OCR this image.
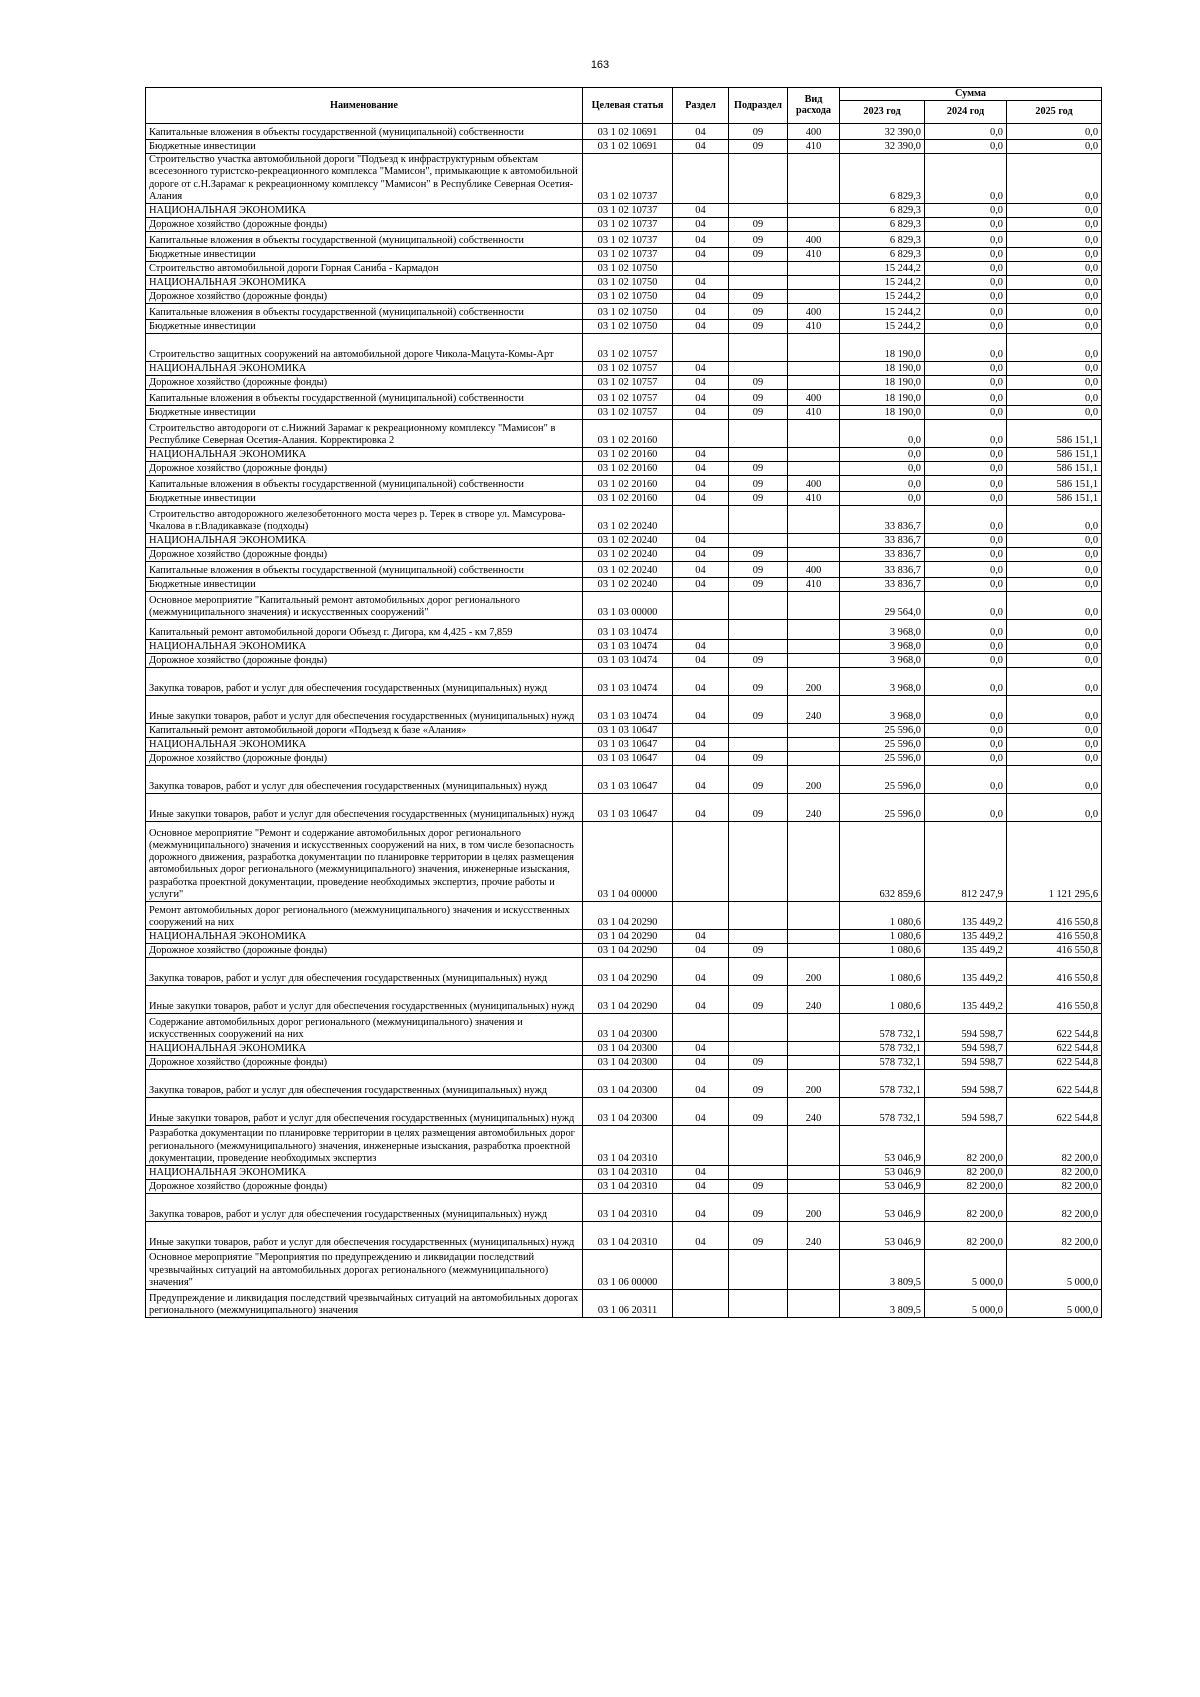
163
Наименование	Целевая статья	Раздел	Подраздел	Вид расхода	Сумма		
					2023 год	2024 год	2025 год
Капитальные вложения в объекты государственной (муниципальной) собственности	03 1 02 10691	04	09	400	32 390,0	0,0	0,0
Бюджетные инвестиции	03 1 02 10691	04	09	410	32 390,0	0,0	0,0
Строительство участка автомобильной дороги "Подъезд к инфраструктурным объектам всесезонного туристско-рекреационного комплекса "Мамисон", примыкающие к автомобильной дороге от с.Н.Зарамаг к рекреационному комплексу "Мамисон" в Республике Северная Осетия-Алания	03 1 02 10737				6 829,3	0,0	0,0
НАЦИОНАЛЬНАЯ ЭКОНОМИКА	03 1 02 10737	04			6 829,3	0,0	0,0
Дорожное хозяйство (дорожные фонды)	03 1 02 10737	04	09		6 829,3	0,0	0,0
Капитальные вложения в объекты государственной (муниципальной) собственности	03 1 02 10737	04	09	400	6 829,3	0,0	0,0
Бюджетные инвестиции	03 1 02 10737	04	09	410	6 829,3	0,0	0,0
Строительство автомобильной дороги Горная Саниба - Кармадон	03 1 02 10750				15 244,2	0,0	0,0
НАЦИОНАЛЬНАЯ ЭКОНОМИКА	03 1 02 10750	04			15 244,2	0,0	0,0
Дорожное хозяйство (дорожные фонды)	03 1 02 10750	04	09		15 244,2	0,0	0,0
Капитальные вложения в объекты государственной (муниципальной) собственности	03 1 02 10750	04	09	400	15 244,2	0,0	0,0
Бюджетные инвестиции	03 1 02 10750	04	09	410	15 244,2	0,0	0,0
Строительство защитных сооружений на автомобильной дороге Чикола-Мацута-Комы-Арт	03 1 02 10757				18 190,0	0,0	0,0
НАЦИОНАЛЬНАЯ ЭКОНОМИКА	03 1 02 10757	04			18 190,0	0,0	0,0
Дорожное хозяйство (дорожные фонды)	03 1 02 10757	04	09		18 190,0	0,0	0,0
Капитальные вложения в объекты государственной (муниципальной) собственности	03 1 02 10757	04	09	400	18 190,0	0,0	0,0
Бюджетные инвестиции	03 1 02 10757	04	09	410	18 190,0	0,0	0,0
Строительство автодороги от с.Нижний Зарамаг к рекреационному комплексу "Мамисон" в Республике Северная Осетия-Алания. Корректировка 2	03 1 02 20160				0,0	0,0	586 151,1
НАЦИОНАЛЬНАЯ ЭКОНОМИКА	03 1 02 20160	04			0,0	0,0	586 151,1
Дорожное хозяйство (дорожные фонды)	03 1 02 20160	04	09		0,0	0,0	586 151,1
Капитальные вложения в объекты государственной (муниципальной) собственности	03 1 02 20160	04	09	400	0,0	0,0	586 151,1
Бюджетные инвестиции	03 1 02 20160	04	09	410	0,0	0,0	586 151,1
Строительство автодорожного железобетонного моста через р. Терек в створе ул. Мамсурова-Чкалова в г.Владикавказе (подходы)	03 1 02 20240				33 836,7	0,0	0,0
НАЦИОНАЛЬНАЯ ЭКОНОМИКА	03 1 02 20240	04			33 836,7	0,0	0,0
Дорожное хозяйство (дорожные фонды)	03 1 02 20240	04	09		33 836,7	0,0	0,0
Капитальные вложения в объекты государственной (муниципальной) собственности	03 1 02 20240	04	09	400	33 836,7	0,0	0,0
Бюджетные инвестиции	03 1 02 20240	04	09	410	33 836,7	0,0	0,0
Основное мероприятие "Капитальный ремонт автомобильных дорог регионального (межмуниципального значения) и искусственных сооружений"	03 1 03 00000				29 564,0	0,0	0,0
Капитальный ремонт автомобильной дороги Объезд г. Дигора, км 4,425 - км 7,859	03 1 03 10474				3 968,0	0,0	0,0
НАЦИОНАЛЬНАЯ ЭКОНОМИКА	03 1 03 10474	04			3 968,0	0,0	0,0
Дорожное хозяйство (дорожные фонды)	03 1 03 10474	04	09		3 968,0	0,0	0,0
Закупка товаров, работ и услуг для обеспечения государственных (муниципальных) нужд	03 1 03 10474	04	09	200	3 968,0	0,0	0,0
Иные закупки товаров, работ и услуг для обеспечения государственных (муниципальных) нужд	03 1 03 10474	04	09	240	3 968,0	0,0	0,0
Капитальный ремонт автомобильной дороги «Подъезд к базе «Алания»	03 1 03 10647				25 596,0	0,0	0,0
НАЦИОНАЛЬНАЯ ЭКОНОМИКА	03 1 03 10647	04			25 596,0	0,0	0,0
Дорожное хозяйство (дорожные фонды)	03 1 03 10647	04	09		25 596,0	0,0	0,0
Закупка товаров, работ и услуг для обеспечения государственных (муниципальных) нужд	03 1 03 10647	04	09	200	25 596,0	0,0	0,0
Иные закупки товаров, работ и услуг для обеспечения государственных (муниципальных) нужд	03 1 03 10647	04	09	240	25 596,0	0,0	0,0
Основное мероприятие "Ремонт и содержание автомобильных дорог регионального (межмуниципального) значения и искусственных сооружений на них, в том числе безопасность дорожного движения, разработка документации по планировке территории в целях размещения автомобильных дорог регионального (межмуниципального) значения, инженерные изыскания, разработка проектной документации, проведение необходимых экспертиз, прочие работы и услуги"	03 1 04 00000				632 859,6	812 247,9	1 121 295,6
Ремонт автомобильных дорог регионального (межмуниципального) значения и искусственных сооружений на них	03 1 04 20290				1 080,6	135 449,2	416 550,8
НАЦИОНАЛЬНАЯ ЭКОНОМИКА	03 1 04 20290	04			1 080,6	135 449,2	416 550,8
Дорожное хозяйство (дорожные фонды)	03 1 04 20290	04	09		1 080,6	135 449,2	416 550,8
Закупка товаров, работ и услуг для обеспечения государственных (муниципальных) нужд	03 1 04 20290	04	09	200	1 080,6	135 449,2	416 550,8
Иные закупки товаров, работ и услуг для обеспечения государственных (муниципальных) нужд	03 1 04 20290	04	09	240	1 080,6	135 449,2	416 550,8
Содержание автомобильных дорог регионального (межмуниципального) значения и искусственных сооружений на них	03 1 04 20300				578 732,1	594 598,7	622 544,8
НАЦИОНАЛЬНАЯ ЭКОНОМИКА	03 1 04 20300	04			578 732,1	594 598,7	622 544,8
Дорожное хозяйство (дорожные фонды)	03 1 04 20300	04	09		578 732,1	594 598,7	622 544,8
Закупка товаров, работ и услуг для обеспечения государственных (муниципальных) нужд	03 1 04 20300	04	09	200	578 732,1	594 598,7	622 544,8
Иные закупки товаров, работ и услуг для обеспечения государственных (муниципальных) нужд	03 1 04 20300	04	09	240	578 732,1	594 598,7	622 544,8
Разработка документации по планировке территории в целях размещения автомобильных дорог регионального (межмуниципального) значения, инженерные изыскания, разработка проектной документации, проведение необходимых экспертиз	03 1 04 20310				53 046,9	82 200,0	82 200,0
НАЦИОНАЛЬНАЯ ЭКОНОМИКА	03 1 04 20310	04			53 046,9	82 200,0	82 200,0
Дорожное хозяйство (дорожные фонды)	03 1 04 20310	04	09		53 046,9	82 200,0	82 200,0
Закупка товаров, работ и услуг для обеспечения государственных (муниципальных) нужд	03 1 04 20310	04	09	200	53 046,9	82 200,0	82 200,0
Иные закупки товаров, работ и услуг для обеспечения государственных (муниципальных) нужд	03 1 04 20310	04	09	240	53 046,9	82 200,0	82 200,0
Основное мероприятие "Мероприятия по предупреждению и ликвидации последствий чрезвычайных ситуаций на автомобильных дорогах регионального (межмуниципального) значения"	03 1 06 00000				3 809,5	5 000,0	5 000,0
Предупреждение и ликвидация последствий чрезвычайных ситуаций на автомобильных дорогах регионального (межмуниципального) значения	03 1 06 20311				3 809,5	5 000,0	5 000,0
